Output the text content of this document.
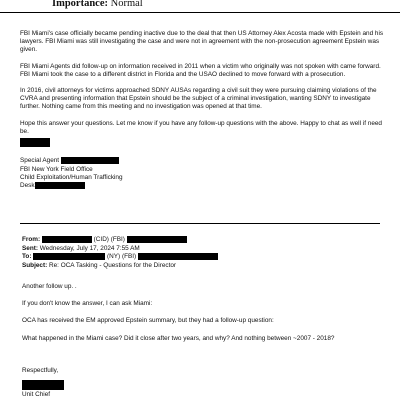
Importance: Normal

FBI Miami's case officially became pending inactive due to the deal that then US Attorney Alex Acosta made with Epstein and his lawyers. FBI Miami was still investigating the case and were not in agreement with the non-prosecution agreement Epstein was given.

FBI Miami Agents did follow-up on information received in 2011 when a victim who originally was not spoken with came forward. FBI Miami took the case to a different district in Florida and the USAO declined to move forward with a prosecution.

In 2016, civil attorneys for victims approached SDNY AUSAs regarding a civil suit they were pursuing claiming violations of the CVRA and presenting information that Epstein should be the subject of a criminal investigation, wanting SDNY to investigate further. Nothing came from this meeting and no investigation was opened at that time.

Hope this answer your questions. Let me know if you have any follow-up questions with the above. Happy to chat as well if need be.

Special Agent
FBI New York Field Office
Child Exploitation/Human Trafficking
Desk
From:	(CID) (FBI)
Sent: Wednesday, July 17, 2024 7:55 AM
To:	(NY) (FBI)
Subject: Re: OCA Tasking - Questions for the Director

Another follow up. .

If you don't know the answer, I can ask Miami:

OCA has received the EM approved Epstein summary, but they had a follow-up question:

What happened in the Miami case? Did it close after two years, and why? And nothing between ~2007 - 2018?

Respectfully,
Unit Chief
